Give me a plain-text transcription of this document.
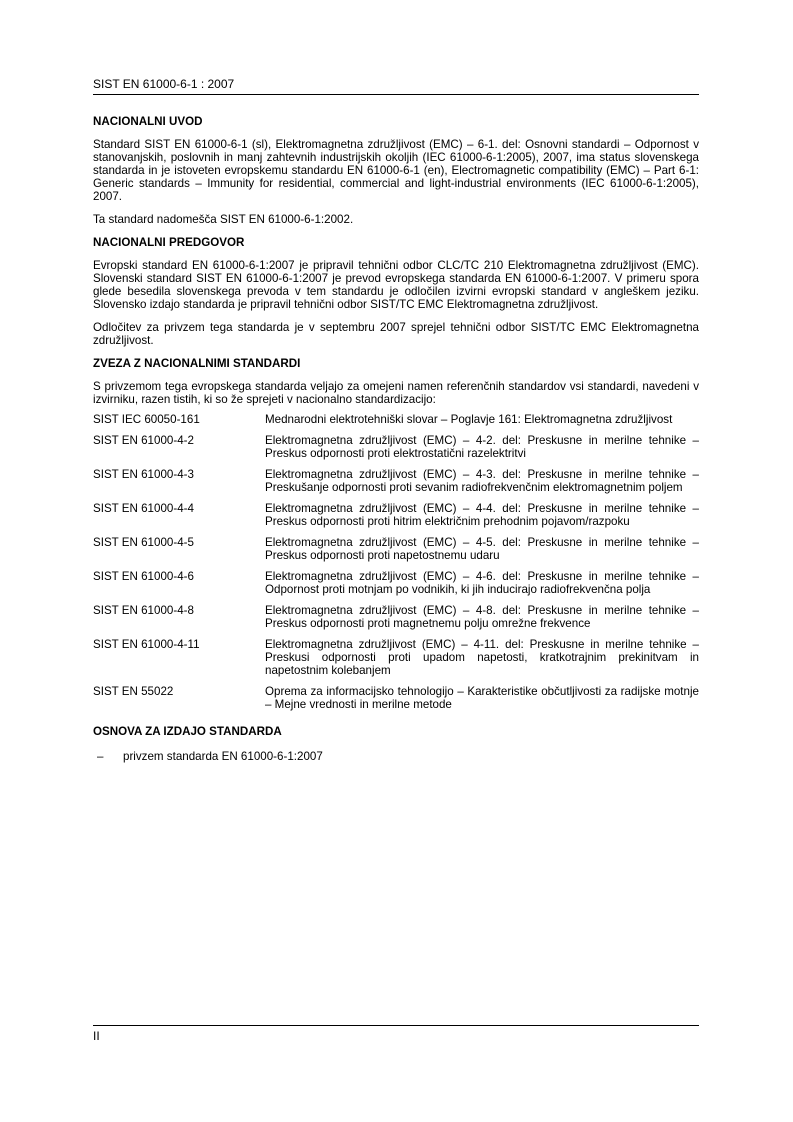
SIST EN 61000-6-1 : 2007
NACIONALNI UVOD

Standard SIST EN 61000-6-1 (sl), Elektromagnetna združljivost (EMC) – 6-1. del: Osnovni standardi – Odpornost v stanovanjskih, poslovnih in manj zahtevnih industrijskih okoljih (IEC 61000-6-1:2005), 2007, ima status slovenskega standarda in je istoveten evropskemu standardu EN 61000-6-1 (en), Electromagnetic compatibility (EMC) – Part 6-1: Generic standards – Immunity for residential, commercial and light-industrial environments (IEC 61000-6-1:2005), 2007.

Ta standard nadomešča SIST EN 61000-6-1:2002.

NACIONALNI PREDGOVOR

Evropski standard EN 61000-6-1:2007 je pripravil tehnični odbor CLC/TC 210 Elektromagnetna združljivost (EMC). Slovenski standard SIST EN 61000-6-1:2007 je prevod evropskega standarda EN 61000-6-1:2007. V primeru spora glede besedila slovenskega prevoda v tem standardu je odločilen izvirni evropski standard v angleškem jeziku. Slovensko izdajo standarda je pripravil tehnični odbor SIST/TC EMC Elektromagnetna združljivost.

Odločitev za privzem tega standarda je v septembru 2007 sprejel tehnični odbor SIST/TC EMC Elektromagnetna združljivost.

ZVEZA Z NACIONALNIMI STANDARDI

S privzemom tega evropskega standarda veljajo za omejeni namen referenčnih standardov vsi standardi, navedeni v izvirniku, razen tistih, ki so že sprejeti v nacionalno standardizacijo:

SIST IEC 60050-161	Mednarodni elektrotehniški slovar – Poglavje 161: Elektromagnetna združljivost
SIST EN 61000-4-2	Elektromagnetna združljivost (EMC) – 4-2. del: Preskusne in merilne tehnike – Preskus odpornosti proti elektrostatični razelektritvi
SIST EN 61000-4-3	Elektromagnetna združljivost (EMC) – 4-3. del: Preskusne in merilne tehnike – Preskušanje odpornosti proti sevanim radiofrekvenčnim elektromagnetnim poljem
SIST EN 61000-4-4	Elektromagnetna združljivost (EMC) – 4-4. del: Preskusne in merilne tehnike – Preskus odpornosti proti hitrim električnim prehodnim pojavom/razpoku
SIST EN 61000-4-5	Elektromagnetna združljivost (EMC) – 4-5. del: Preskusne in merilne tehnike – Preskus odpornosti proti napetostnemu udaru
SIST EN 61000-4-6	Elektromagnetna združljivost (EMC) – 4-6. del: Preskusne in merilne tehnike – Odpornost proti motnjam po vodnikih, ki jih inducirajo radiofrekvenčna polja
SIST EN 61000-4-8	Elektromagnetna združljivost (EMC) – 4-8. del: Preskusne in merilne tehnike – Preskus odpornosti proti magnetnemu polju omrežne frekvence
SIST EN 61000-4-11	Elektromagnetna združljivost (EMC) – 4-11. del: Preskusne in merilne tehnike – Preskusi odpornosti proti upadom napetosti, kratkotrajnim prekinitvam in napetostnim kolebanjem
SIST EN 55022	Oprema za informacijsko tehnologijo – Karakteristike občutljivosti za radijske motnje – Mejne vrednosti in merilne metode
OSNOVA ZA IZDAJO STANDARDA
–	privzem standarda EN 61000-6-1:2007
II
